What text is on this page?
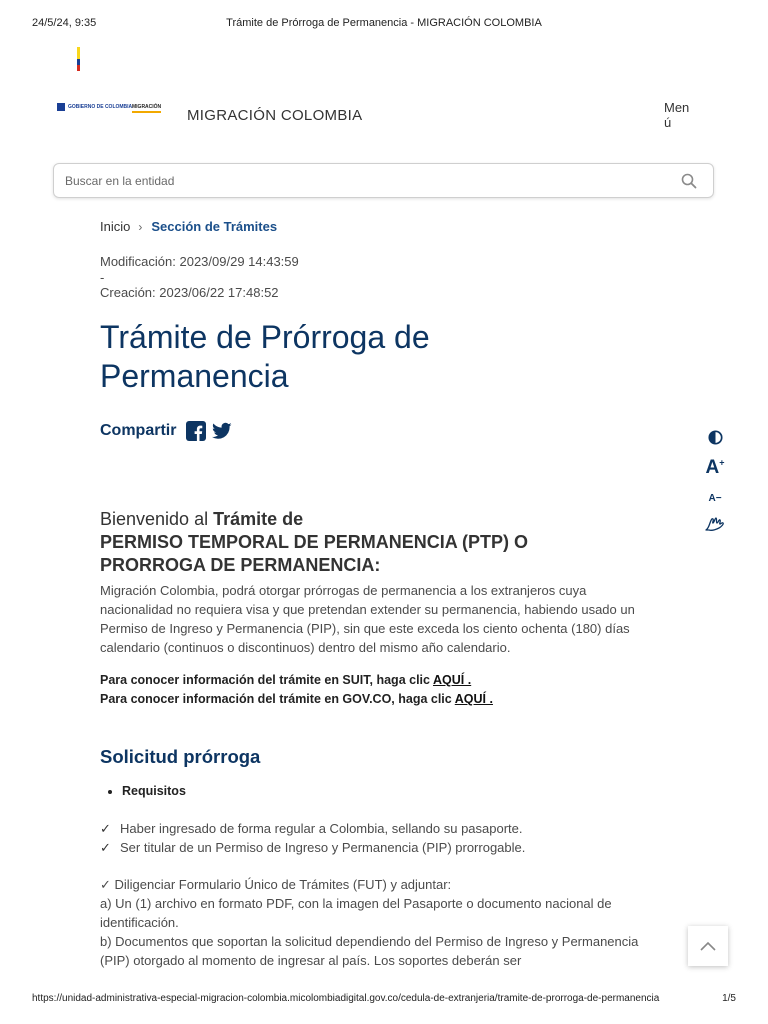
24/5/24, 9:35	Trámite de Prórroga de Permanencia - MIGRACIÓN COLOMBIA
GOBIERNO DE COLOMBIA MIGRACIÓN MIGRACIÓN COLOMBIA	Men
ú
Buscar en la entidad
Inicio › Sección de Trámites
Modificación: 2023/09/29 14:43:59
-
Creación: 2023/06/22 17:48:52
Trámite de Prórroga de Permanencia
Compartir
A+
A−
Bienvenido al Trámite de
PERMISO TEMPORAL DE PERMANENCIA (PTP) O
PRORROGA DE PERMANENCIA:
Migración Colombia, podrá otorgar prórrogas de permanencia a los extranjeros cuya nacionalidad no requiera visa y que pretendan extender su permanencia, habiendo usado un Permiso de Ingreso y Permanencia (PIP), sin que este exceda los ciento ochenta (180) días calendario (continuos o discontinuos) dentro del mismo año calendario.
Para conocer información del trámite en SUIT, haga clic AQUÍ .
Para conocer información del trámite en GOV.CO, haga clic AQUÍ .
Solicitud prórroga
• Requisitos
✓ Haber ingresado de forma regular a Colombia, sellando su pasaporte.
✓ Ser titular de un Permiso de Ingreso y Permanencia (PIP) prorrogable.
✓ Diligenciar Formulario Único de Trámites (FUT) y adjuntar:
a) Un (1) archivo en formato PDF, con la imagen del Pasaporte o documento nacional de identificación.
b) Documentos que soportan la solicitud dependiendo del Permiso de Ingreso y Permanencia (PIP) otorgado al momento de ingresar al país. Los soportes deberán ser
https://unidad-administrativa-especial-migracion-colombia.micolombiadigital.gov.co/cedula-de-extranjeria/tramite-de-prorroga-de-permanencia	1/5
